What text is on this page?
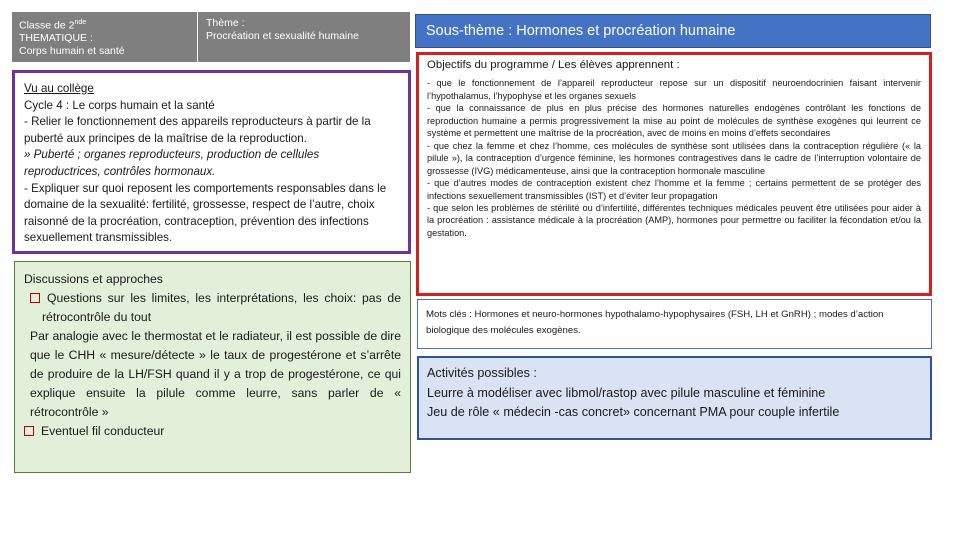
Classe de 2nde
THEMATIQUE :
Corps humain et santé
Thème :
Procréation et sexualité humaine	Sous-thème : Hormones et procréation humaine

Vu au collège

Cycle 4 : Le corps humain et la santé

- Relier le fonctionnement des appareils reproducteurs à partir de la puberté aux principes de la maîtrise de la reproduction.

» Puberté ; organes reproducteurs, production de cellules reproductrices, contrôles hormonaux.

- Expliquer sur quoi reposent les comportements responsables dans le domaine de la sexualité: fertilité, grossesse, respect de l’autre, choix raisonné de la procréation, contraception, prévention des infections sexuellement transmissibles.

Discussions et approches

Questions sur les limites, les interprétations, les choix: pas de rétrocontrôle du tout

Par analogie avec le thermostat et le radiateur, il est possible de dire que le CHH « mesure/détecte » le taux de progestérone et s’arrête de produire de la LH/FSH quand il y a trop de progestérone, ce qui explique ensuite la pilule comme leurre, sans parler de « rétrocontrôle »

Eventuel fil conducteur

Objectifs du programme / Les élèves apprennent :

- que le fonctionnement de l’appareil reproducteur repose sur un dispositif neuroendocrinien faisant intervenir l’hypothalamus, l’hypophyse et les organes sexuels

- que la connaissance de plus en plus précise des hormones naturelles endogènes contrôlant les fonctions de reproduction humaine a permis progressivement la mise au point de molécules de synthèse exogènes qui leurrent ce système et permettent une maîtrise de la procréation, avec de moins en moins d’effets secondaires

- que chez la femme et chez l’homme, ces molécules de synthèse sont utilisées dans la contraception régulière (« la pilule »), la contraception d’urgence féminine, les hormones contragestives dans le cadre de l’interruption volontaire de grossesse (IVG) médicamenteuse, ainsi que la contraception hormonale masculine

- que d’autres modes de contraception existent chez l’homme et la femme ; certains permettent de se protéger des infections sexuellement transmissibles (IST) et d’éviter leur propagation

- que selon les problèmes de stérilité ou d’infertilité, différentes techniques médicales peuvent être utilisées pour aider à la procréation : assistance médicale à la procréation (AMP), hormones pour permettre ou faciliter la fécondation et/ou la gestation.

Mots clés : Hormones et neuro-hormones hypothalamo-hypophysaires (FSH, LH et GnRH) ; modes d’action biologique des molécules exogènes.

Activités possibles :

Leurre à modéliser avec libmol/rastop avec pilule masculine et féminine

Jeu de rôle « médecin -cas concret» concernant PMA pour couple infertile
